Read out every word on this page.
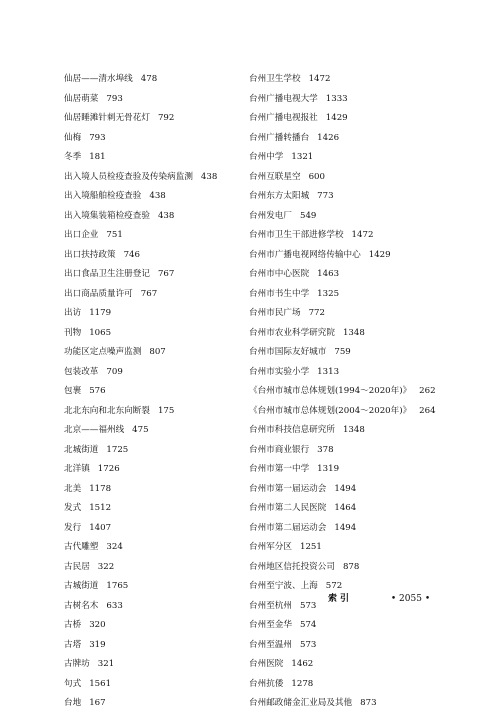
仙居——清水埠线 478
仙居萌菜 793
仙居睡滩针刺无骨花灯 792
仙梅 793
冬季 181
出入境人员检疫查验及传染病监测 438
出入境船舶检疫查验 438
出入境集装箱检疫查验 438
出口企业 751
出口扶持政策 746
出口食品卫生注册登记 767
出口商品质量许可 767
出访 1179
刊物 1065
功能区定点噪声监测 807
包装改革 709
包裹 576
北北东向和北东向断裂 175
北京——福州线 475
北城街道 1725
北洋镇 1726
北美 1178
发式 1512
发行 1407
古代雕塑 324
古民居 322
古城街道 1765
古树名木 633
古桥 320
古塔 319
古牌坊 321
句式 1561
台地 167
台州卫生学校 1472
台州广播电视大学 1333
台州广播电视报社 1429
台州广播转播台 1426
台州中学 1321
台州互联星空 600
台州东方太阳城 773
台州发电厂 549
台州市卫生干部进修学校 1472
台州市广播电视网络传输中心 1429
台州市中心医院 1463
台州市书生中学 1325
台州市民广场 772
台州市农业科学研究院 1348
台州市国际友好城市 759
台州市实验小学 1313
《台州市城市总体规划(1994～2020年)》 262
《台州市城市总体规划(2004～2020年)》 264
台州市科技信息研究所 1348
台州市商业银行 378
台州市第一中学 1319
台州市第一届运动会 1494
台州市第二人民医院 1464
台州市第二届运动会 1494
台州军分区 1251
台州地区信托投资公司 878
台州至宁波、上海 572
台州至杭州 573
台州至金华 574
台州至温州 573
台州医院 1462
台州抗倭 1278
台州邮政储金汇业局及其他 873
索引	• 2055 •
